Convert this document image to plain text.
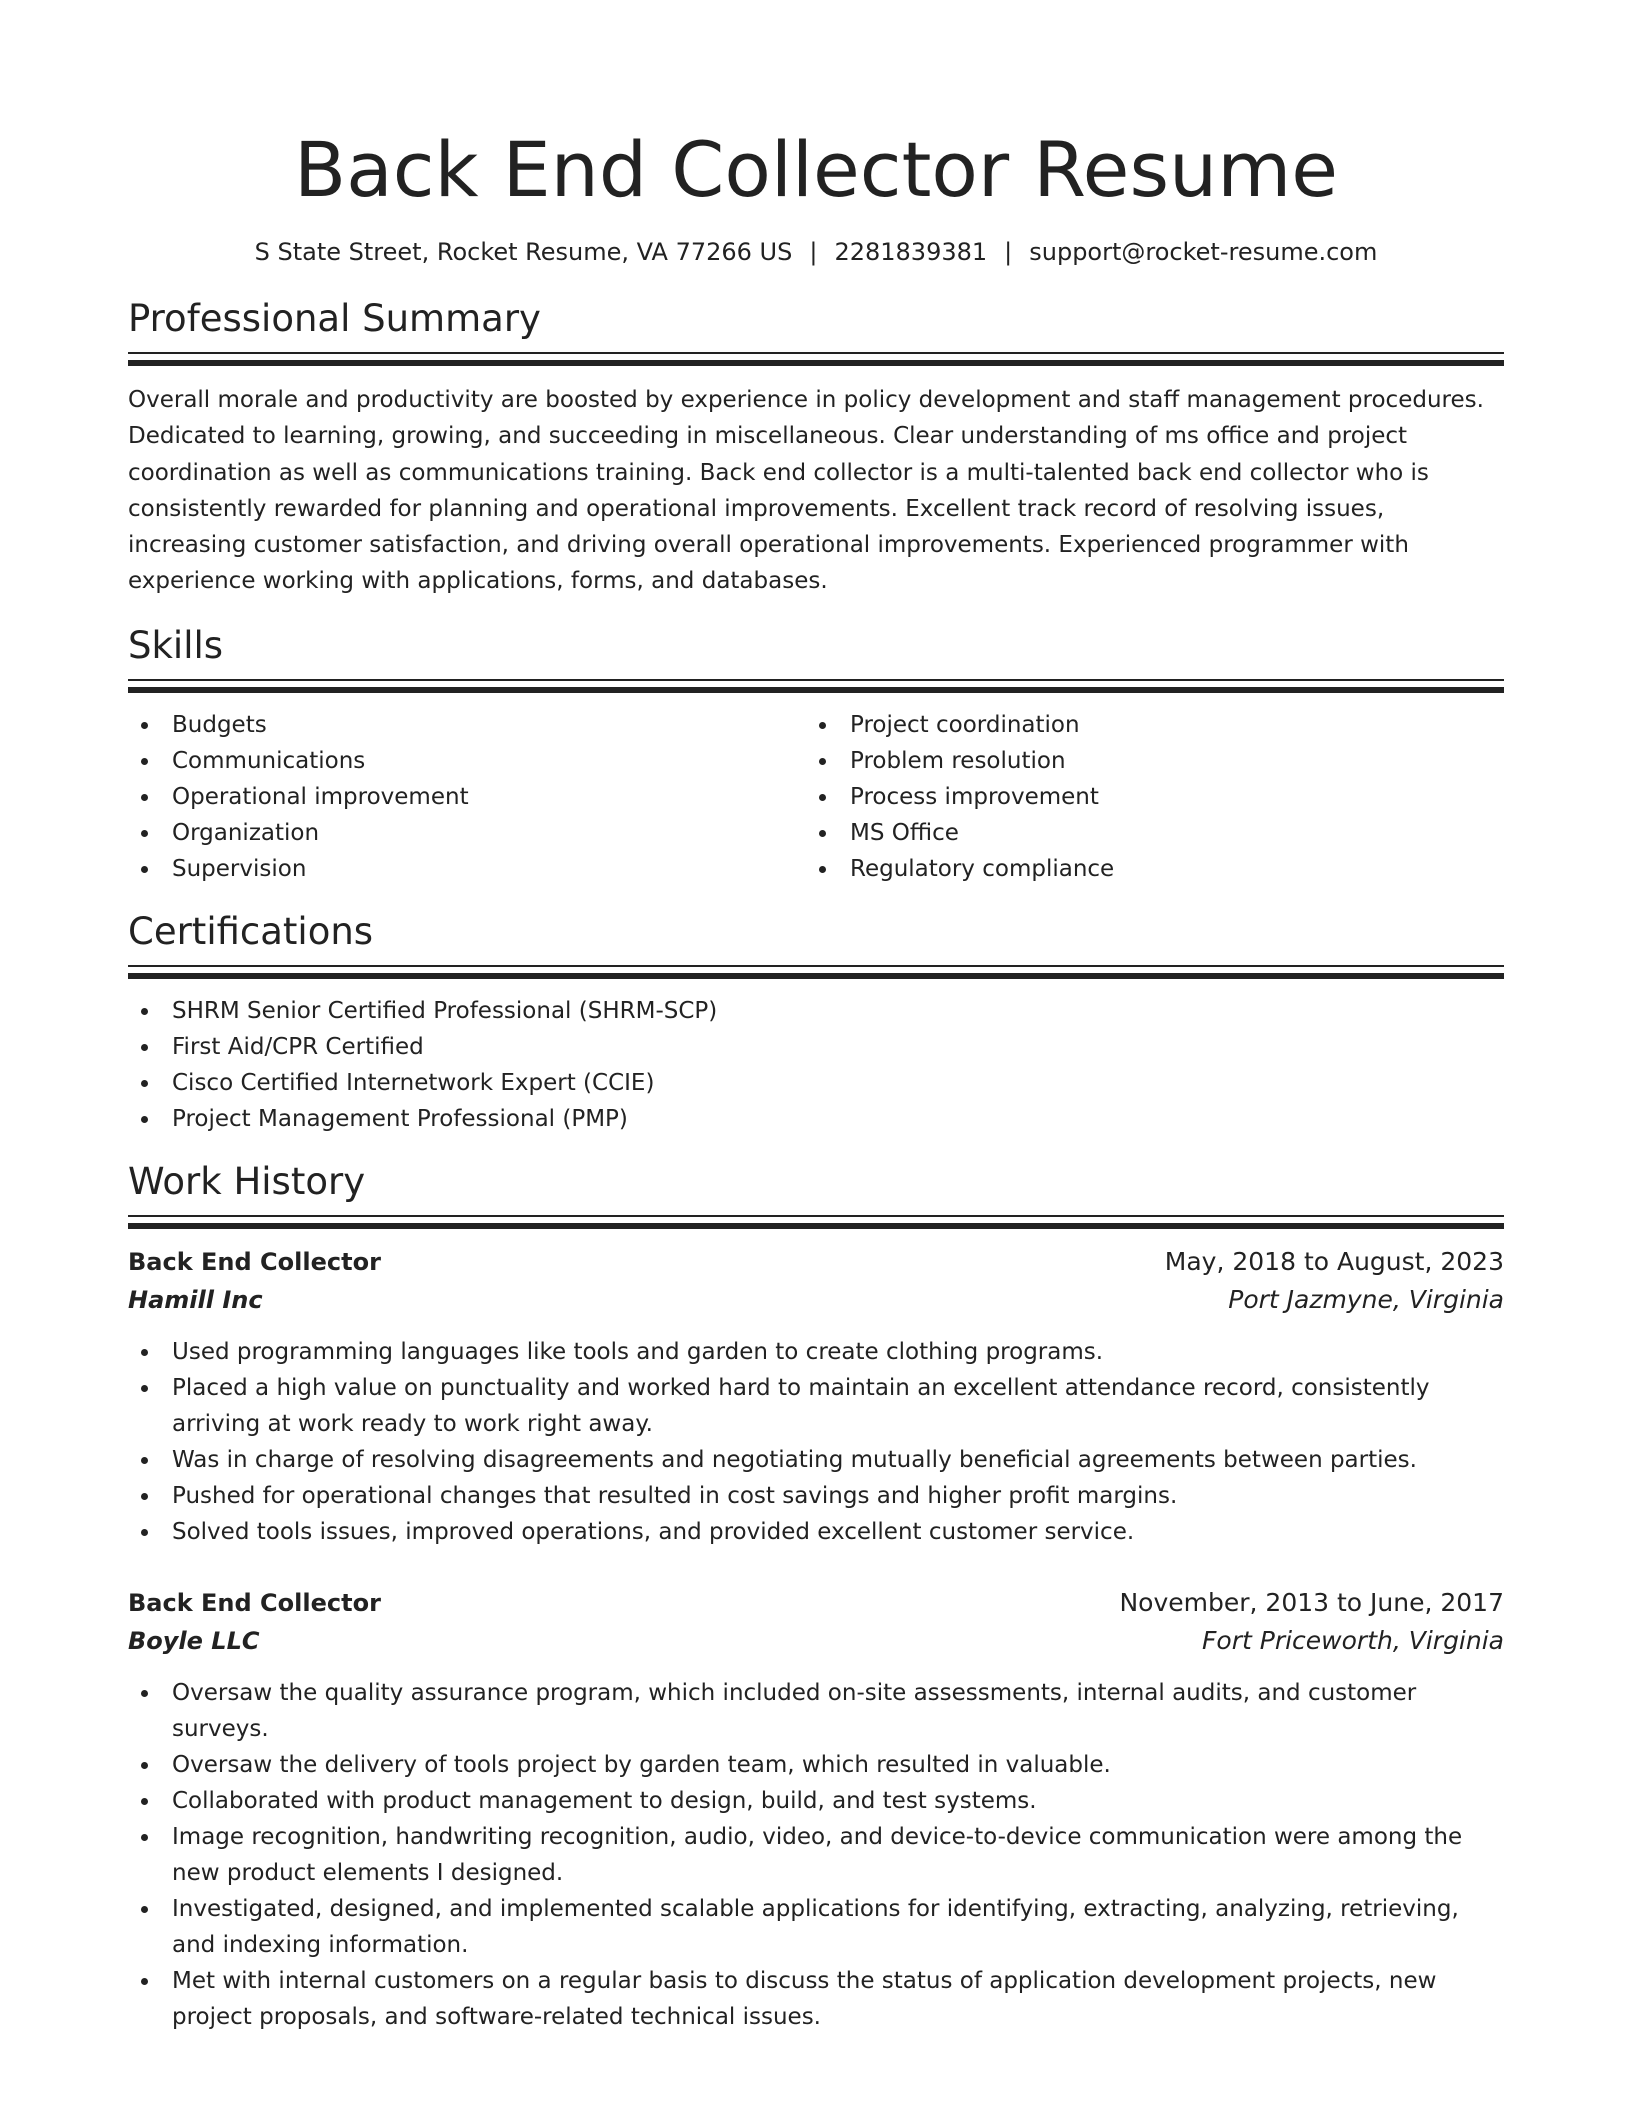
Back End Collector Resume
S State Street, Rocket Resume, VA 77266 US | 2281839381 | support@rocket-resume.com
Professional Summary

Overall morale and productivity are boosted by experience in policy development and staff management procedures. Dedicated to learning, growing, and succeeding in miscellaneous. Clear understanding of ms office and project coordination as well as communications training. Back end collector is a multi-talented back end collector who is consistently rewarded for planning and operational improvements. Excellent track record of resolving issues, increasing customer satisfaction, and driving overall operational improvements. Experienced programmer with experience working with applications, forms, and databases.

Skills
Budgets
Communications
Operational improvement
Organization
Supervision
Project coordination
Problem resolution
Process improvement
MS Office
Regulatory compliance
Certifications
SHRM Senior Certified Professional (SHRM-SCP)
First Aid/CPR Certified
Cisco Certified Internetwork Expert (CCIE)
Project Management Professional (PMP)
Work History
Back End Collector	May, 2018 to August, 2023
Hamill Inc	Port Jazmyne, Virginia
Used programming languages like tools and garden to create clothing programs.
Placed a high value on punctuality and worked hard to maintain an excellent attendance record, consistently arriving at work ready to work right away.
Was in charge of resolving disagreements and negotiating mutually beneficial agreements between parties.
Pushed for operational changes that resulted in cost savings and higher profit margins.
Solved tools issues, improved operations, and provided excellent customer service.
Back End Collector	November, 2013 to June, 2017
Boyle LLC	Fort Priceworth, Virginia
Oversaw the quality assurance program, which included on-site assessments, internal audits, and customer surveys.
Oversaw the delivery of tools project by garden team, which resulted in valuable.
Collaborated with product management to design, build, and test systems.
Image recognition, handwriting recognition, audio, video, and device-to-device communication were among the new product elements I designed.
Investigated, designed, and implemented scalable applications for identifying, extracting, analyzing, retrieving, and indexing information.
Met with internal customers on a regular basis to discuss the status of application development projects, new project proposals, and software-related technical issues.
